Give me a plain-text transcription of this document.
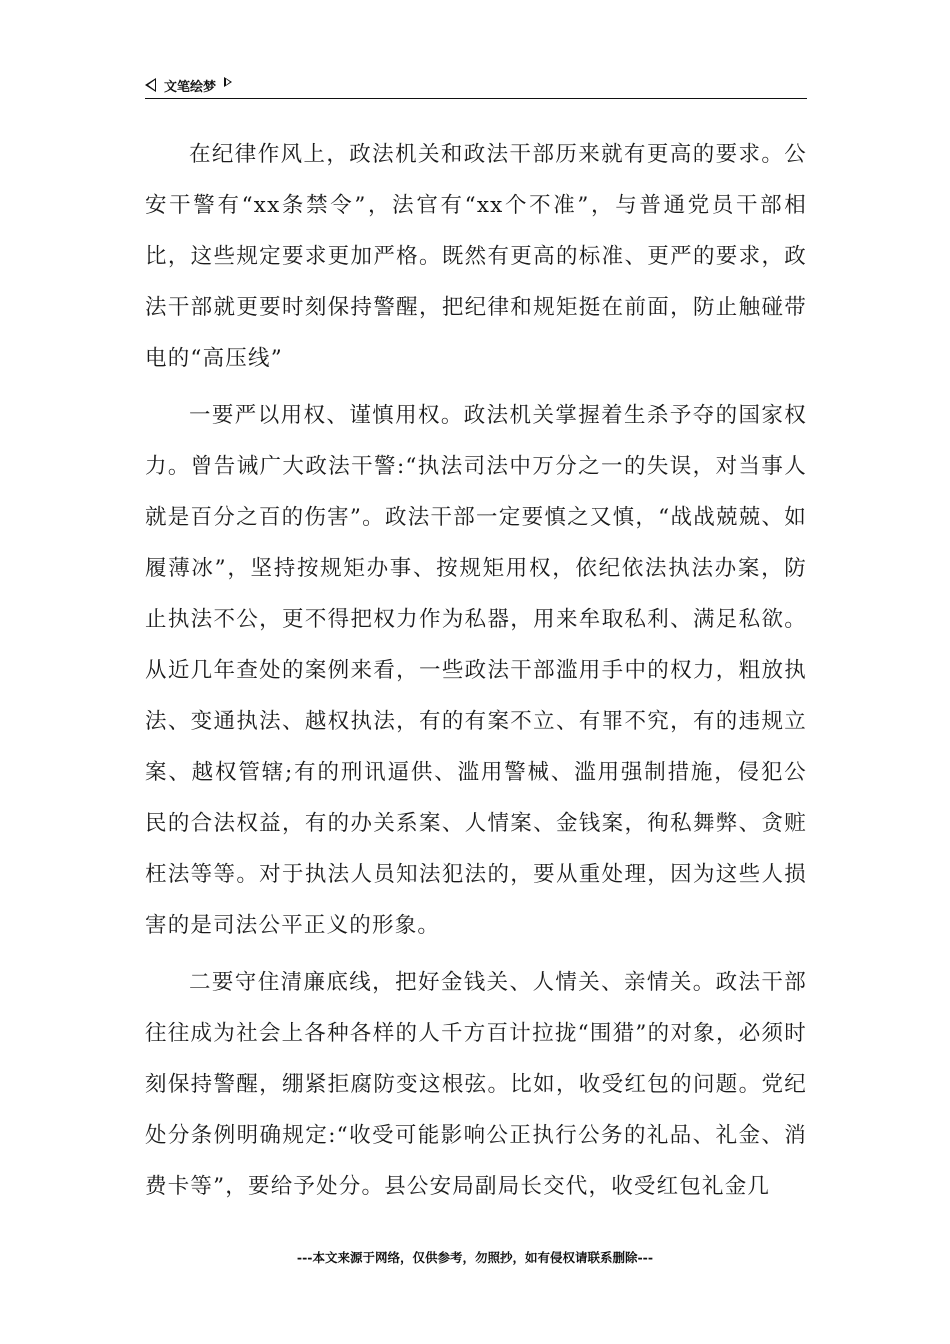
文笔绘梦

在纪律作风上，政法机关和政法干部历来就有更高的要求。公安干警有“xx条禁令”，法官有“xx个不准”，与普通党员干部相比，这些规定要求更加严格。既然有更高的标准、更严的要求，政法干部就更要时刻保持警醒，把纪律和规矩挺在前面，防止触碰带电的“高压线”

一要严以用权、谨慎用权。政法机关掌握着生杀予夺的国家权力。曾告诫广大政法干警:“执法司法中万分之一的失误，对当事人就是百分之百的伤害”。政法干部一定要慎之又慎，“战战兢兢、如履薄冰”，坚持按规矩办事、按规矩用权，依纪依法执法办案，防止执法不公，更不得把权力作为私器，用来牟取私利、满足私欲。从近几年查处的案例来看，一些政法干部滥用手中的权力，粗放执法、变通执法、越权执法，有的有案不立、有罪不究，有的违规立案、越权管辖;有的刑讯逼供、滥用警械、滥用强制措施，侵犯公民的合法权益，有的办关系案、人情案、金钱案，徇私舞弊、贪赃枉法等等。对于执法人员知法犯法的，要从重处理，因为这些人损害的是司法公平正义的形象。

二要守住清廉底线，把好金钱关、人情关、亲情关。政法干部往往成为社会上各种各样的人千方百计拉拢“围猎”的对象，必须时刻保持警醒，绷紧拒腐防变这根弦。比如，收受红包的问题。党纪处分条例明确规定:“收受可能影响公正执行公务的礼品、礼金、消费卡等”，要给予处分。县公安局副局长交代，收受红包礼金几

---本文来源于网络，仅供参考，勿照抄，如有侵权请联系删除---
